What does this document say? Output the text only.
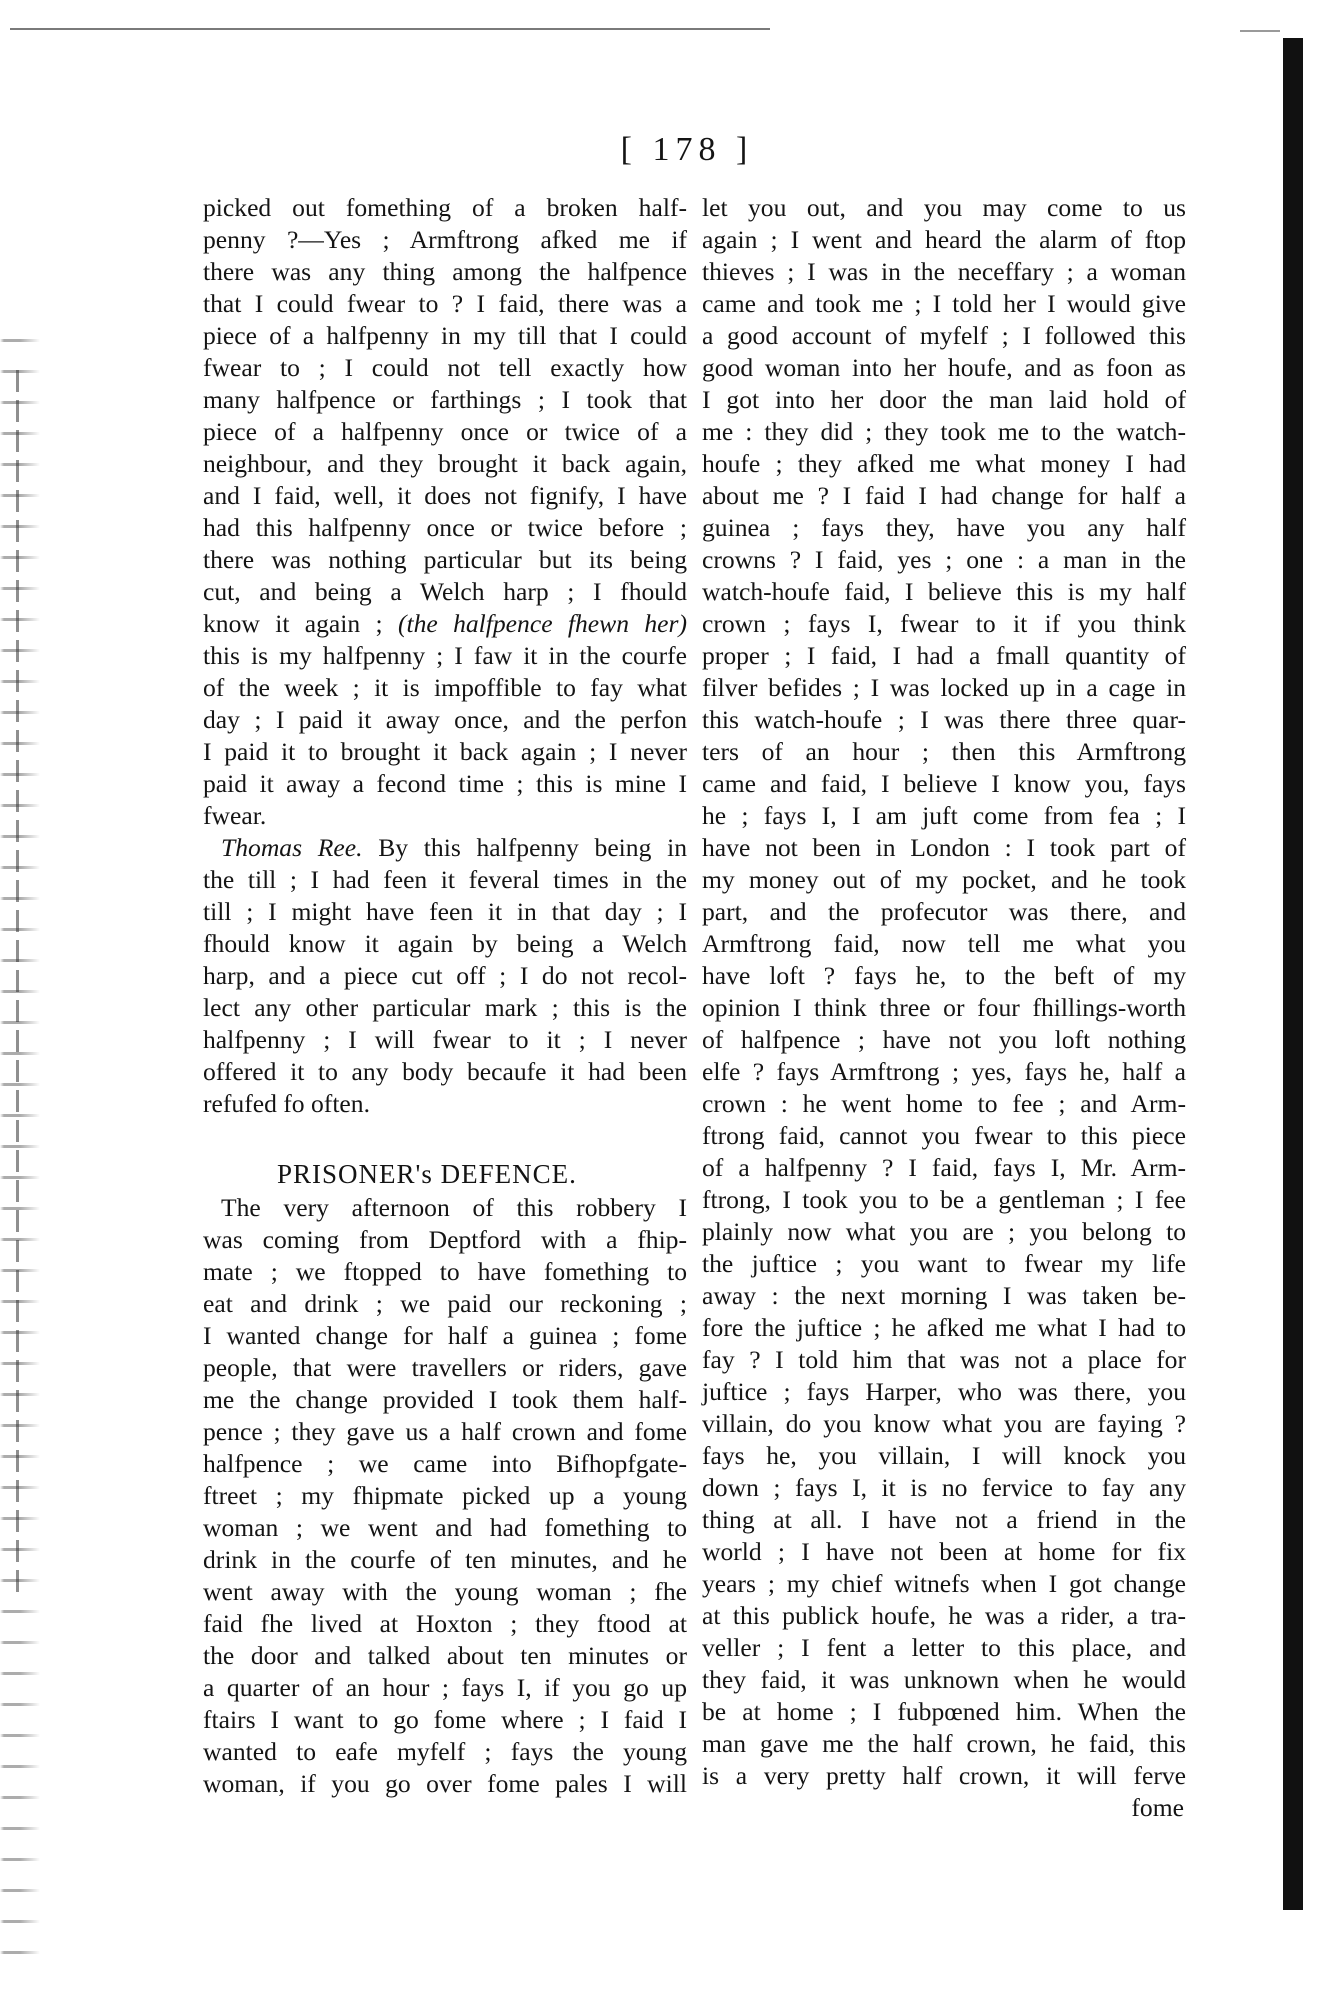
[ 178 ]
picked out fomething of a broken half-
penny ?—Yes ; Armftrong afked me if
there was any thing among the halfpence
that I could fwear to ? I faid, there was a
piece of a halfpenny in my till that I could
fwear to ; I could not tell exactly how
many halfpence or farthings ; I took that
piece of a halfpenny once or twice of a
neighbour, and they brought it back again,
and I faid, well, it does not fignify, I have
had this halfpenny once or twice before ;
there was nothing particular but its being
cut, and being a Welch harp ; I fhould
know it again ; (the halfpence fhewn her)
this is my halfpenny ; I faw it in the courfe
of the week ; it is impoffible to fay what
day ; I paid it away once, and the perfon
I paid it to brought it back again ; I never
paid it away a fecond time ; this is mine I
fwear.
Thomas Ree. By this halfpenny being in
the till ; I had feen it feveral times in the
till ; I might have feen it in that day ; I
fhould know it again by being a Welch
harp, and a piece cut off ; I do not recol-
lect any other particular mark ; this is the
halfpenny ; I will fwear to it ; I never
offered it to any body becaufe it had been
refufed fo often.
PRISONER's DEFENCE.
The very afternoon of this robbery I
was coming from Deptford with a fhip-
mate ; we ftopped to have fomething to
eat and drink ; we paid our reckoning ;
I wanted change for half a guinea ; fome
people, that were travellers or riders, gave
me the change provided I took them half-
pence ; they gave us a half crown and fome
halfpence ; we came into Bifhopfgate-
ftreet ; my fhipmate picked up a young
woman ; we went and had fomething to
drink in the courfe of ten minutes, and he
went away with the young woman ; fhe
faid fhe lived at Hoxton ; they ftood at
the door and talked about ten minutes or
a quarter of an hour ; fays I, if you go up
ftairs I want to go fome where ; I faid I
wanted to eafe myfelf ; fays the young
woman, if you go over fome pales I will
let you out, and you may come to us
again ; I went and heard the alarm of ftop
thieves ; I was in the neceffary ; a woman
came and took me ; I told her I would give
a good account of myfelf ; I followed this
good woman into her houfe, and as foon as
I got into her door the man laid hold of
me : they did ; they took me to the watch-
houfe ; they afked me what money I had
about me ? I faid I had change for half a
guinea ; fays they, have you any half
crowns ? I faid, yes ; one : a man in the
watch-houfe faid, I believe this is my half
crown ; fays I, fwear to it if you think
proper ; I faid, I had a fmall quantity of
filver befides ; I was locked up in a cage in
this watch-houfe ; I was there three quar-
ters of an hour ; then this Armftrong
came and faid, I believe I know you, fays
he ; fays I, I am juft come from fea ; I
have not been in London : I took part of
my money out of my pocket, and he took
part, and the profecutor was there, and
Armftrong faid, now tell me what you
have loft ? fays he, to the beft of my
opinion I think three or four fhillings-worth
of halfpence ; have not you loft nothing
elfe ? fays Armftrong ; yes, fays he, half a
crown : he went home to fee ; and Arm-
ftrong faid, cannot you fwear to this piece
of a halfpenny ? I faid, fays I, Mr. Arm-
ftrong, I took you to be a gentleman ; I fee
plainly now what you are ; you belong to
the juftice ; you want to fwear my life
away : the next morning I was taken be-
fore the juftice ; he afked me what I had to
fay ? I told him that was not a place for
juftice ; fays Harper, who was there, you
villain, do you know what you are faying ?
fays he, you villain, I will knock you
down ; fays I, it is no fervice to fay any
thing at all. I have not a friend in the
world ; I have not been at home for fix
years ; my chief witnefs when I got change
at this publick houfe, he was a rider, a tra-
veller ; I fent a letter to this place, and
they faid, it was unknown when he would
be at home ; I fubpœned him. When the
man gave me the half crown, he faid, this
is a very pretty half crown, it will ferve
fome
